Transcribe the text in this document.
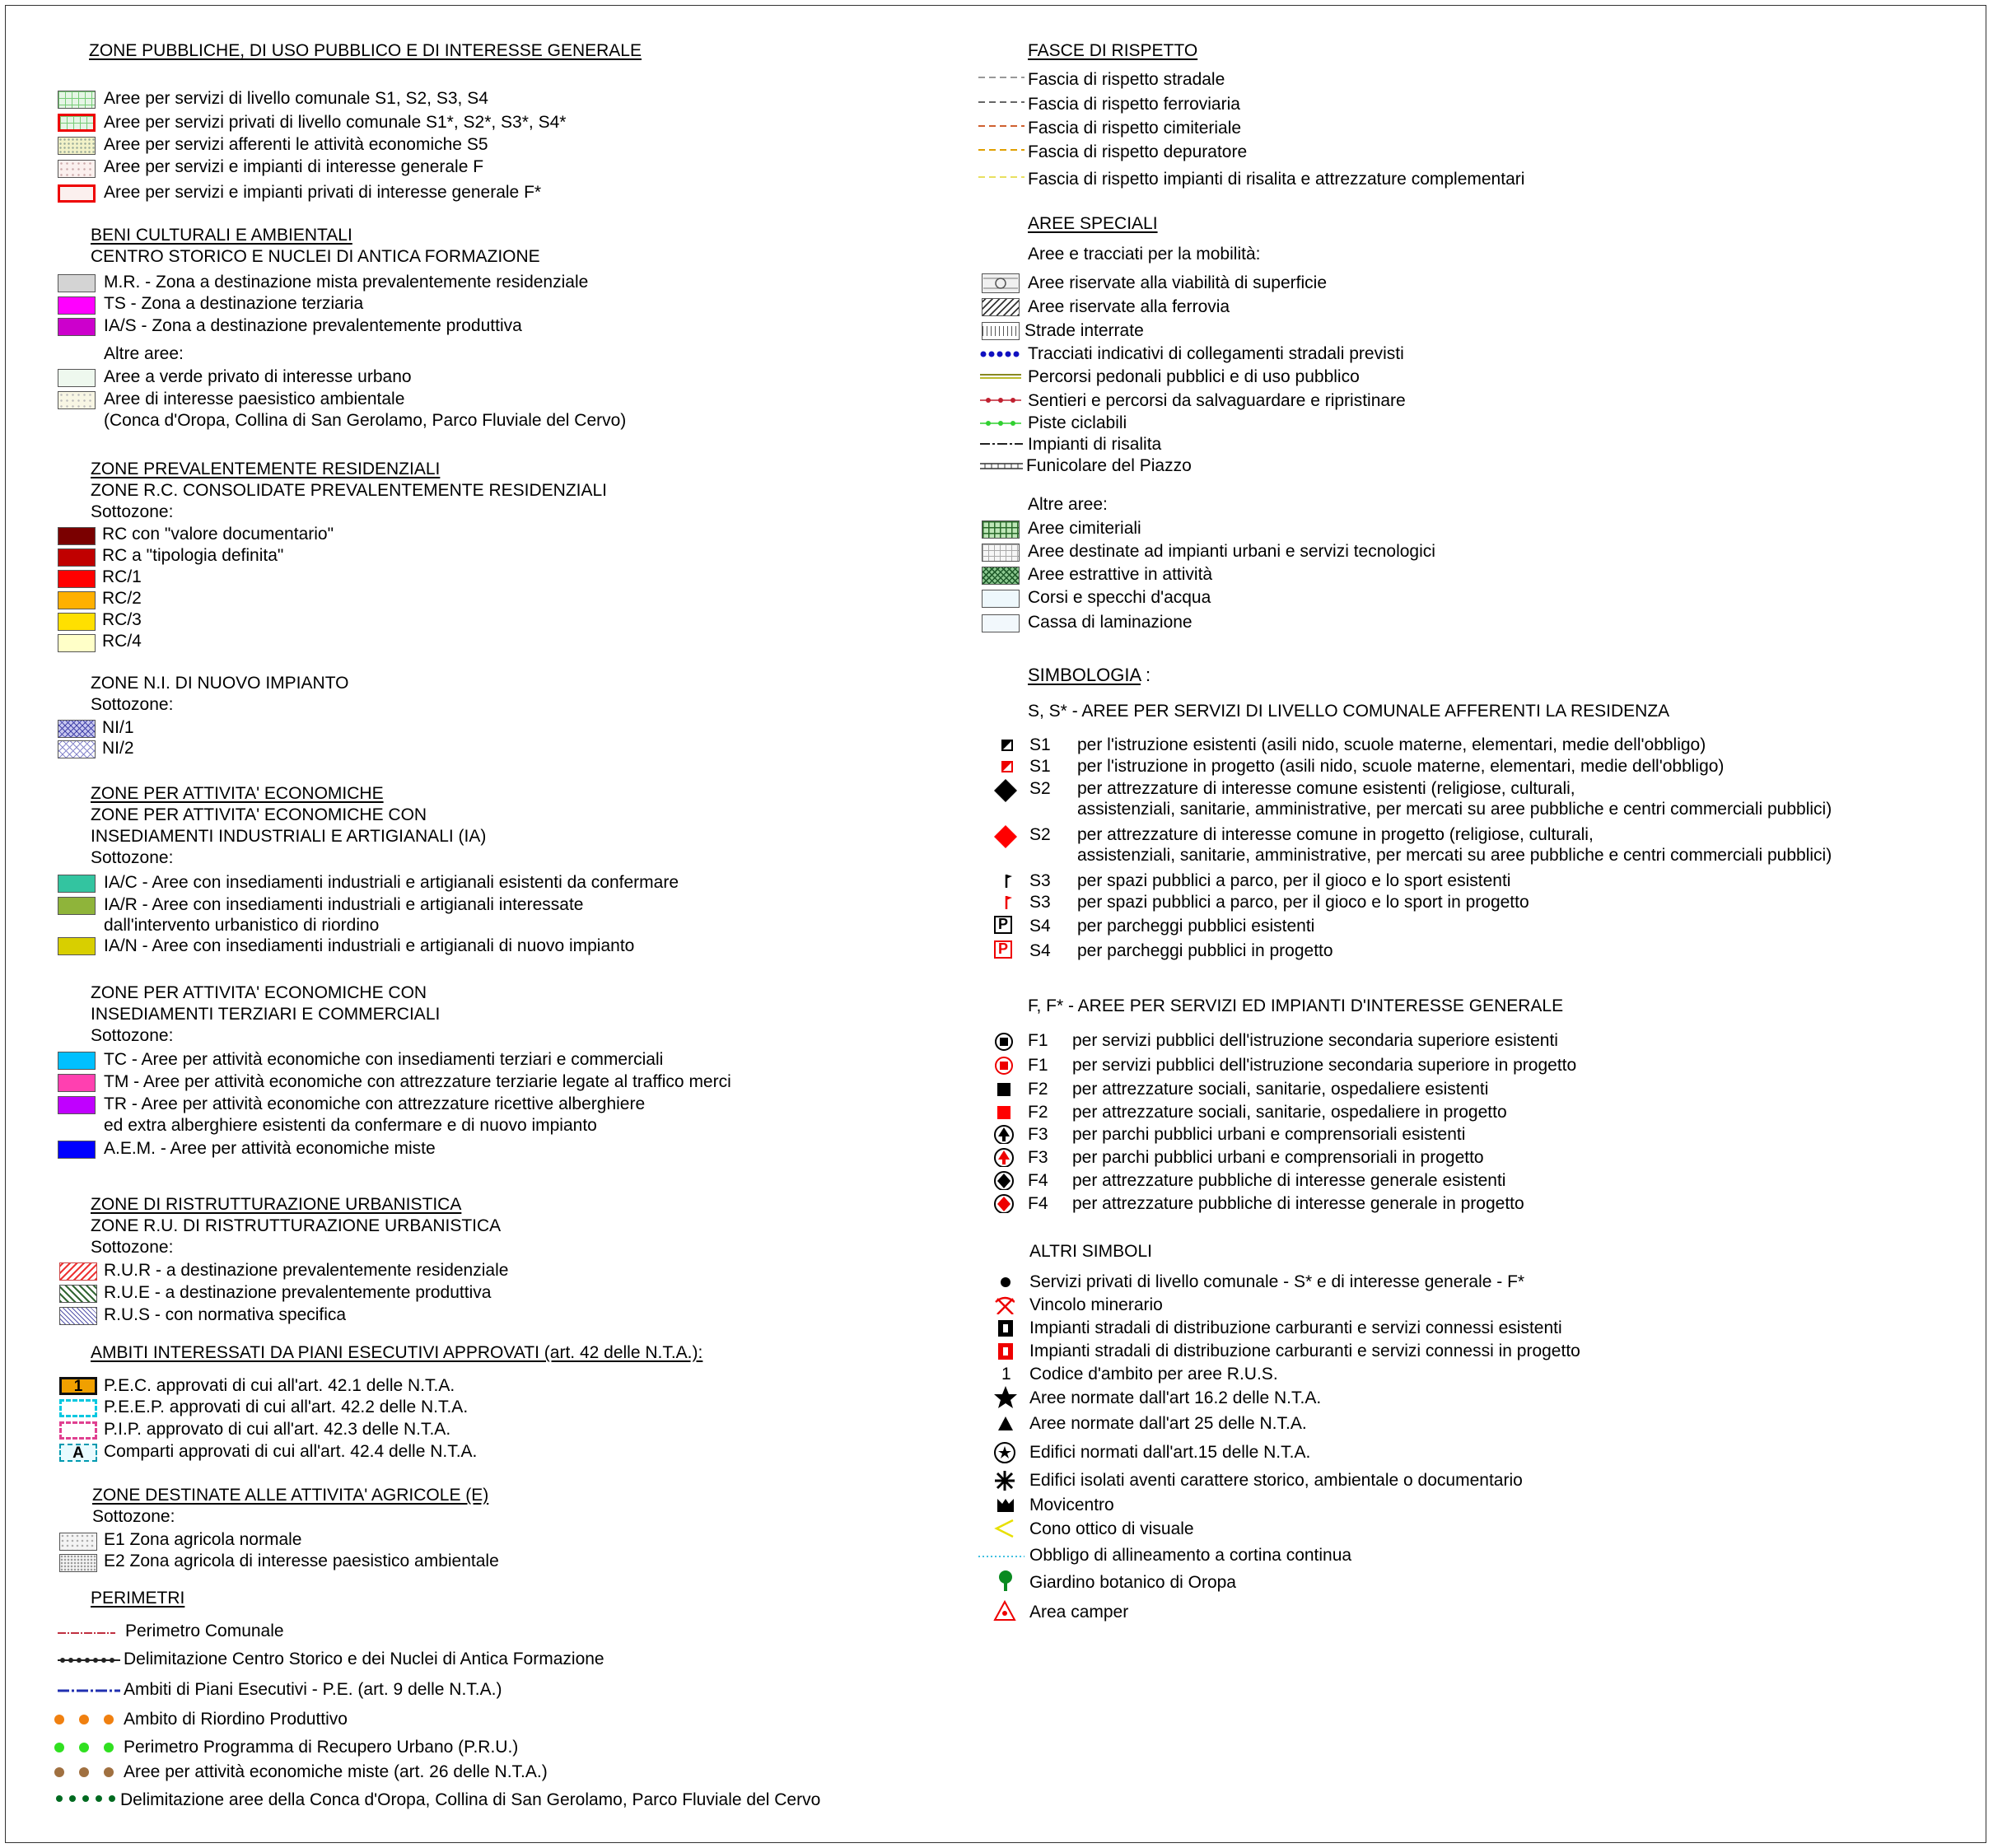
ZONE PUBBLICHE, DI USO PUBBLICO E DI INTERESSE GENERALE
Aree per servizi di livello comunale S1, S2, S3, S4
Aree per servizi privati di livello comunale S1*, S2*, S3*, S4*
Aree per servizi afferenti le attività economiche S5
Aree per servizi e impianti di interesse generale F
Aree per servizi e impianti privati di interesse generale F*
BENI CULTURALI E AMBIENTALI
CENTRO STORICO E NUCLEI DI ANTICA FORMAZIONE
M.R. - Zona a destinazione mista prevalentemente residenziale
TS - Zona a destinazione terziaria
IA/S - Zona a destinazione prevalentemente produttiva
Altre aree:
Aree a verde privato di interesse urbano
Aree di interesse paesistico ambientale
(Conca d'Oropa, Collina di San Gerolamo, Parco Fluviale del Cervo)
ZONE PREVALENTEMENTE RESIDENZIALI
ZONE R.C. CONSOLIDATE PREVALENTEMENTE RESIDENZIALI
Sottozone:
RC con "valore documentario"
RC a "tipologia definita"
RC/1
RC/2
RC/3
RC/4
ZONE N.I. DI NUOVO IMPIANTO
Sottozone:
NI/1
NI/2
ZONE PER ATTIVITA' ECONOMICHE
ZONE PER ATTIVITA' ECONOMICHE CON
INSEDIAMENTI INDUSTRIALI E ARTIGIANALI (IA)
Sottozone:
IA/C - Aree con insediamenti industriali e artigianali esistenti da confermare
IA/R - Aree con insediamenti industriali e artigianali interessate
dall'intervento urbanistico di riordino
IA/N - Aree con insediamenti industriali e artigianali di nuovo impianto
ZONE PER ATTIVITA' ECONOMICHE CON
INSEDIAMENTI TERZIARI E COMMERCIALI
Sottozone:
TC - Aree per attività economiche con insediamenti terziari e commerciali
TM - Aree per attività economiche con attrezzature terziarie legate al traffico merci
TR - Aree per attività economiche con attrezzature ricettive alberghiere
ed extra alberghiere esistenti da confermare e di nuovo impianto
A.E.M. - Aree per attività economiche miste
ZONE DI RISTRUTTURAZIONE URBANISTICA
ZONE R.U. DI RISTRUTTURAZIONE URBANISTICA
Sottozone:
R.U.R - a destinazione prevalentemente residenziale
R.U.E - a destinazione prevalentemente produttiva
R.U.S - con normativa specifica
AMBITI INTERESSATI DA PIANI ESECUTIVI APPROVATI (art. 42 delle N.T.A.):
1	P.E.C. approvati di cui all'art. 42.1 delle N.T.A.
P.E.E.P. approvati di cui all'art. 42.2 delle N.T.A.
P.I.P. approvato di cui all'art. 42.3 delle N.T.A.
A	Comparti approvati di cui all'art. 42.4 delle N.T.A.
ZONE DESTINATE ALLE ATTIVITA' AGRICOLE (E)
Sottozone:
E1 Zona agricola normale
E2 Zona agricola di interesse paesistico ambientale
PERIMETRI
Perimetro Comunale
Delimitazione Centro Storico e dei Nuclei di Antica Formazione
Ambiti di Piani Esecutivi - P.E. (art. 9 delle N.T.A.)
Ambito di Riordino Produttivo
Perimetro Programma di Recupero Urbano (P.R.U.)
Aree per attività economiche miste (art. 26 delle N.T.A.)
Delimitazione aree della Conca d'Oropa, Collina di San Gerolamo, Parco Fluviale del Cervo
FASCE DI RISPETTO
Fascia di rispetto stradale
Fascia di rispetto ferroviaria
Fascia di rispetto cimiteriale
Fascia di rispetto depuratore
Fascia di rispetto impianti di risalita e attrezzature complementari
AREE SPECIALI
Aree e tracciati per la mobilità:
Aree riservate alla viabilità di superficie
Aree riservate alla ferrovia
Strade interrate
Tracciati indicativi di collegamenti stradali previsti
Percorsi pedonali pubblici e di uso pubblico
Sentieri e percorsi da salvaguardare e ripristinare
Piste ciclabili
Impianti di risalita
Funicolare del Piazzo
Altre aree:
Aree cimiteriali
Aree destinate ad impianti urbani e servizi tecnologici
Aree estrattive in attività
Corsi e specchi d'acqua
Cassa di laminazione
SIMBOLOGIA :
S, S* - AREE PER SERVIZI DI LIVELLO COMUNALE AFFERENTI LA RESIDENZA
S1 per l'istruzione esistenti (asili nido, scuole materne, elementari, medie dell'obbligo)
S1 per l'istruzione in progetto (asili nido, scuole materne, elementari, medie dell'obbligo)
S2 per attrezzature di interesse comune esistenti (religiose, culturali,
assistenziali, sanitarie, amministrative, per mercati su aree pubbliche e centri commerciali pubblici)
S2 per attrezzature di interesse comune in progetto (religiose, culturali,
assistenziali, sanitarie, amministrative, per mercati su aree pubbliche e centri commerciali pubblici)
S3 per spazi pubblici a parco, per il gioco e lo sport esistenti
S3 per spazi pubblici a parco, per il gioco e lo sport in progetto
P S4 per parcheggi pubblici esistenti
P S4 per parcheggi pubblici in progetto
F, F* - AREE PER SERVIZI ED IMPIANTI D'INTERESSE GENERALE
F1 per servizi pubblici dell'istruzione secondaria superiore esistenti
F1 per servizi pubblici dell'istruzione secondaria superiore in progetto
F2 per attrezzature sociali, sanitarie, ospedaliere esistenti
F2 per attrezzature sociali, sanitarie, ospedaliere in progetto
F3 per parchi pubblici urbani e comprensoriali esistenti
F3 per parchi pubblici urbani e comprensoriali in progetto
F4 per attrezzature pubbliche di interesse generale esistenti
F4 per attrezzature pubbliche di interesse generale in progetto
ALTRI SIMBOLI
Servizi privati di livello comunale - S* e di interesse generale - F*
Vincolo minerario
Impianti stradali di distribuzione carburanti e servizi connessi esistenti
Impianti stradali di distribuzione carburanti e servizi connessi in progetto
1 Codice d'ambito per aree R.U.S.
Aree normate dall'art 16.2 delle N.T.A.
Aree normate dall'art 25 delle N.T.A.
Edifici normati dall'art.15 delle N.T.A.
Edifici isolati aventi carattere storico, ambientale o documentario
Movicentro
Cono ottico di visuale
Obbligo di allineamento a cortina continua
Giardino botanico di Oropa
Area camper
